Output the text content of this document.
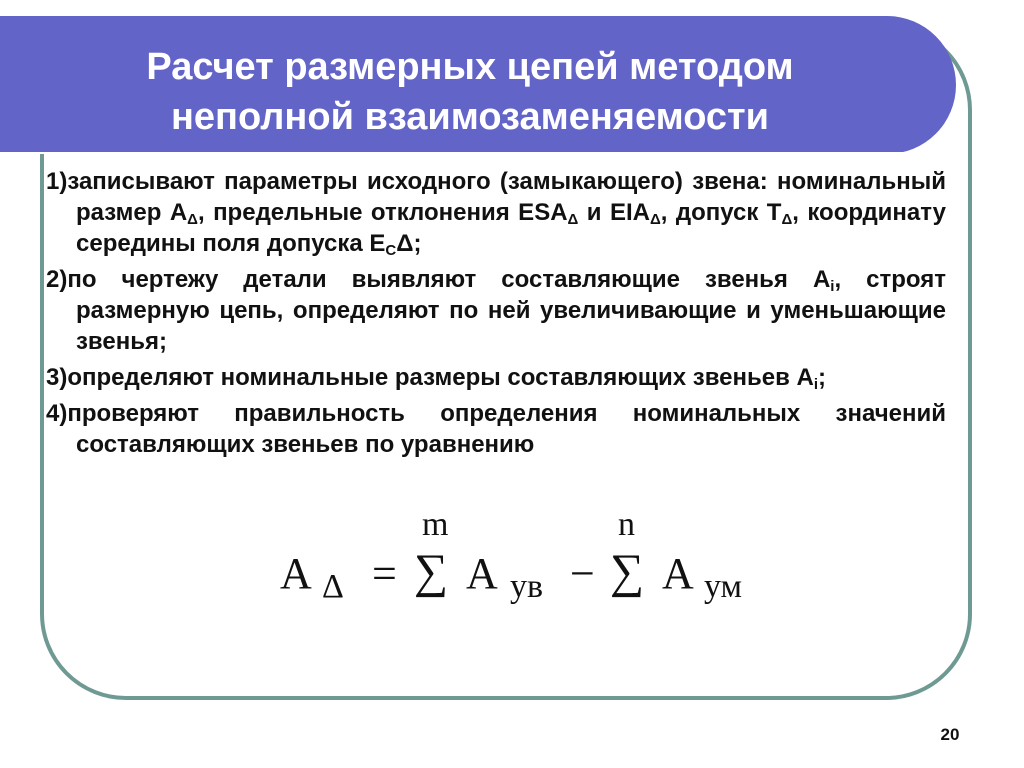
Расчет размерных цепей методом
неполной взаимозаменяемости
1)записывают параметры исходного (замыкающего) звена: номинальный размер $A_\Delta$, предельные отклонения $ESA_\Delta$ и $EIA_\Delta$, допуск $T_\Delta$, координату середины поля допуска $E_C\Delta$;
2)по чертежу детали выявляют составляющие звенья $A_i$, строят размерную цепь, определяют по ней увеличивающие и уменьшающие звенья;
3)определяют номинальные размеры составляющих звеньев $A_i$;
4)проверяют правильность определения номинальных значений составляющих звеньев по уравнению
A Δ =
m
∑ A ув −
n
∑ A ум
20
